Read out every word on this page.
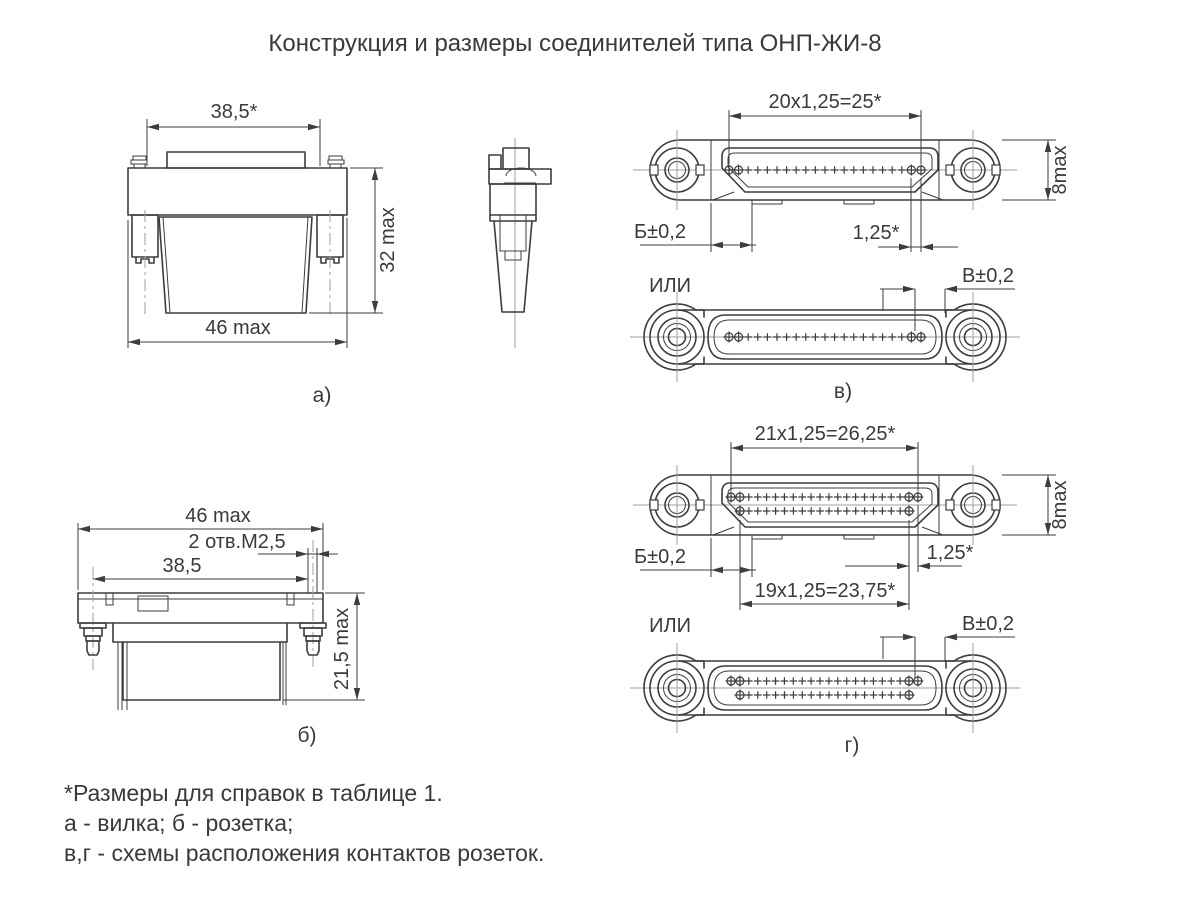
Конструкция и размеры соединителей типа ОНП-ЖИ-8
38,5*
32 max
46 max
а)
20х1,25=25*
8max
Б±0,2	1,25*
ИЛИ	В±0,2
в)
21х1,25=26,25*
8max
Б±0,2	1,25*
19х1,25=23,75*
ИЛИ	В±0,2
г)
46 max
2 отв.М2,5
38,5
21,5 max
б)
*Размеры для справок в таблице 1.
а - вилка; б - розетка;
в,г - схемы расположения контактов розеток.
